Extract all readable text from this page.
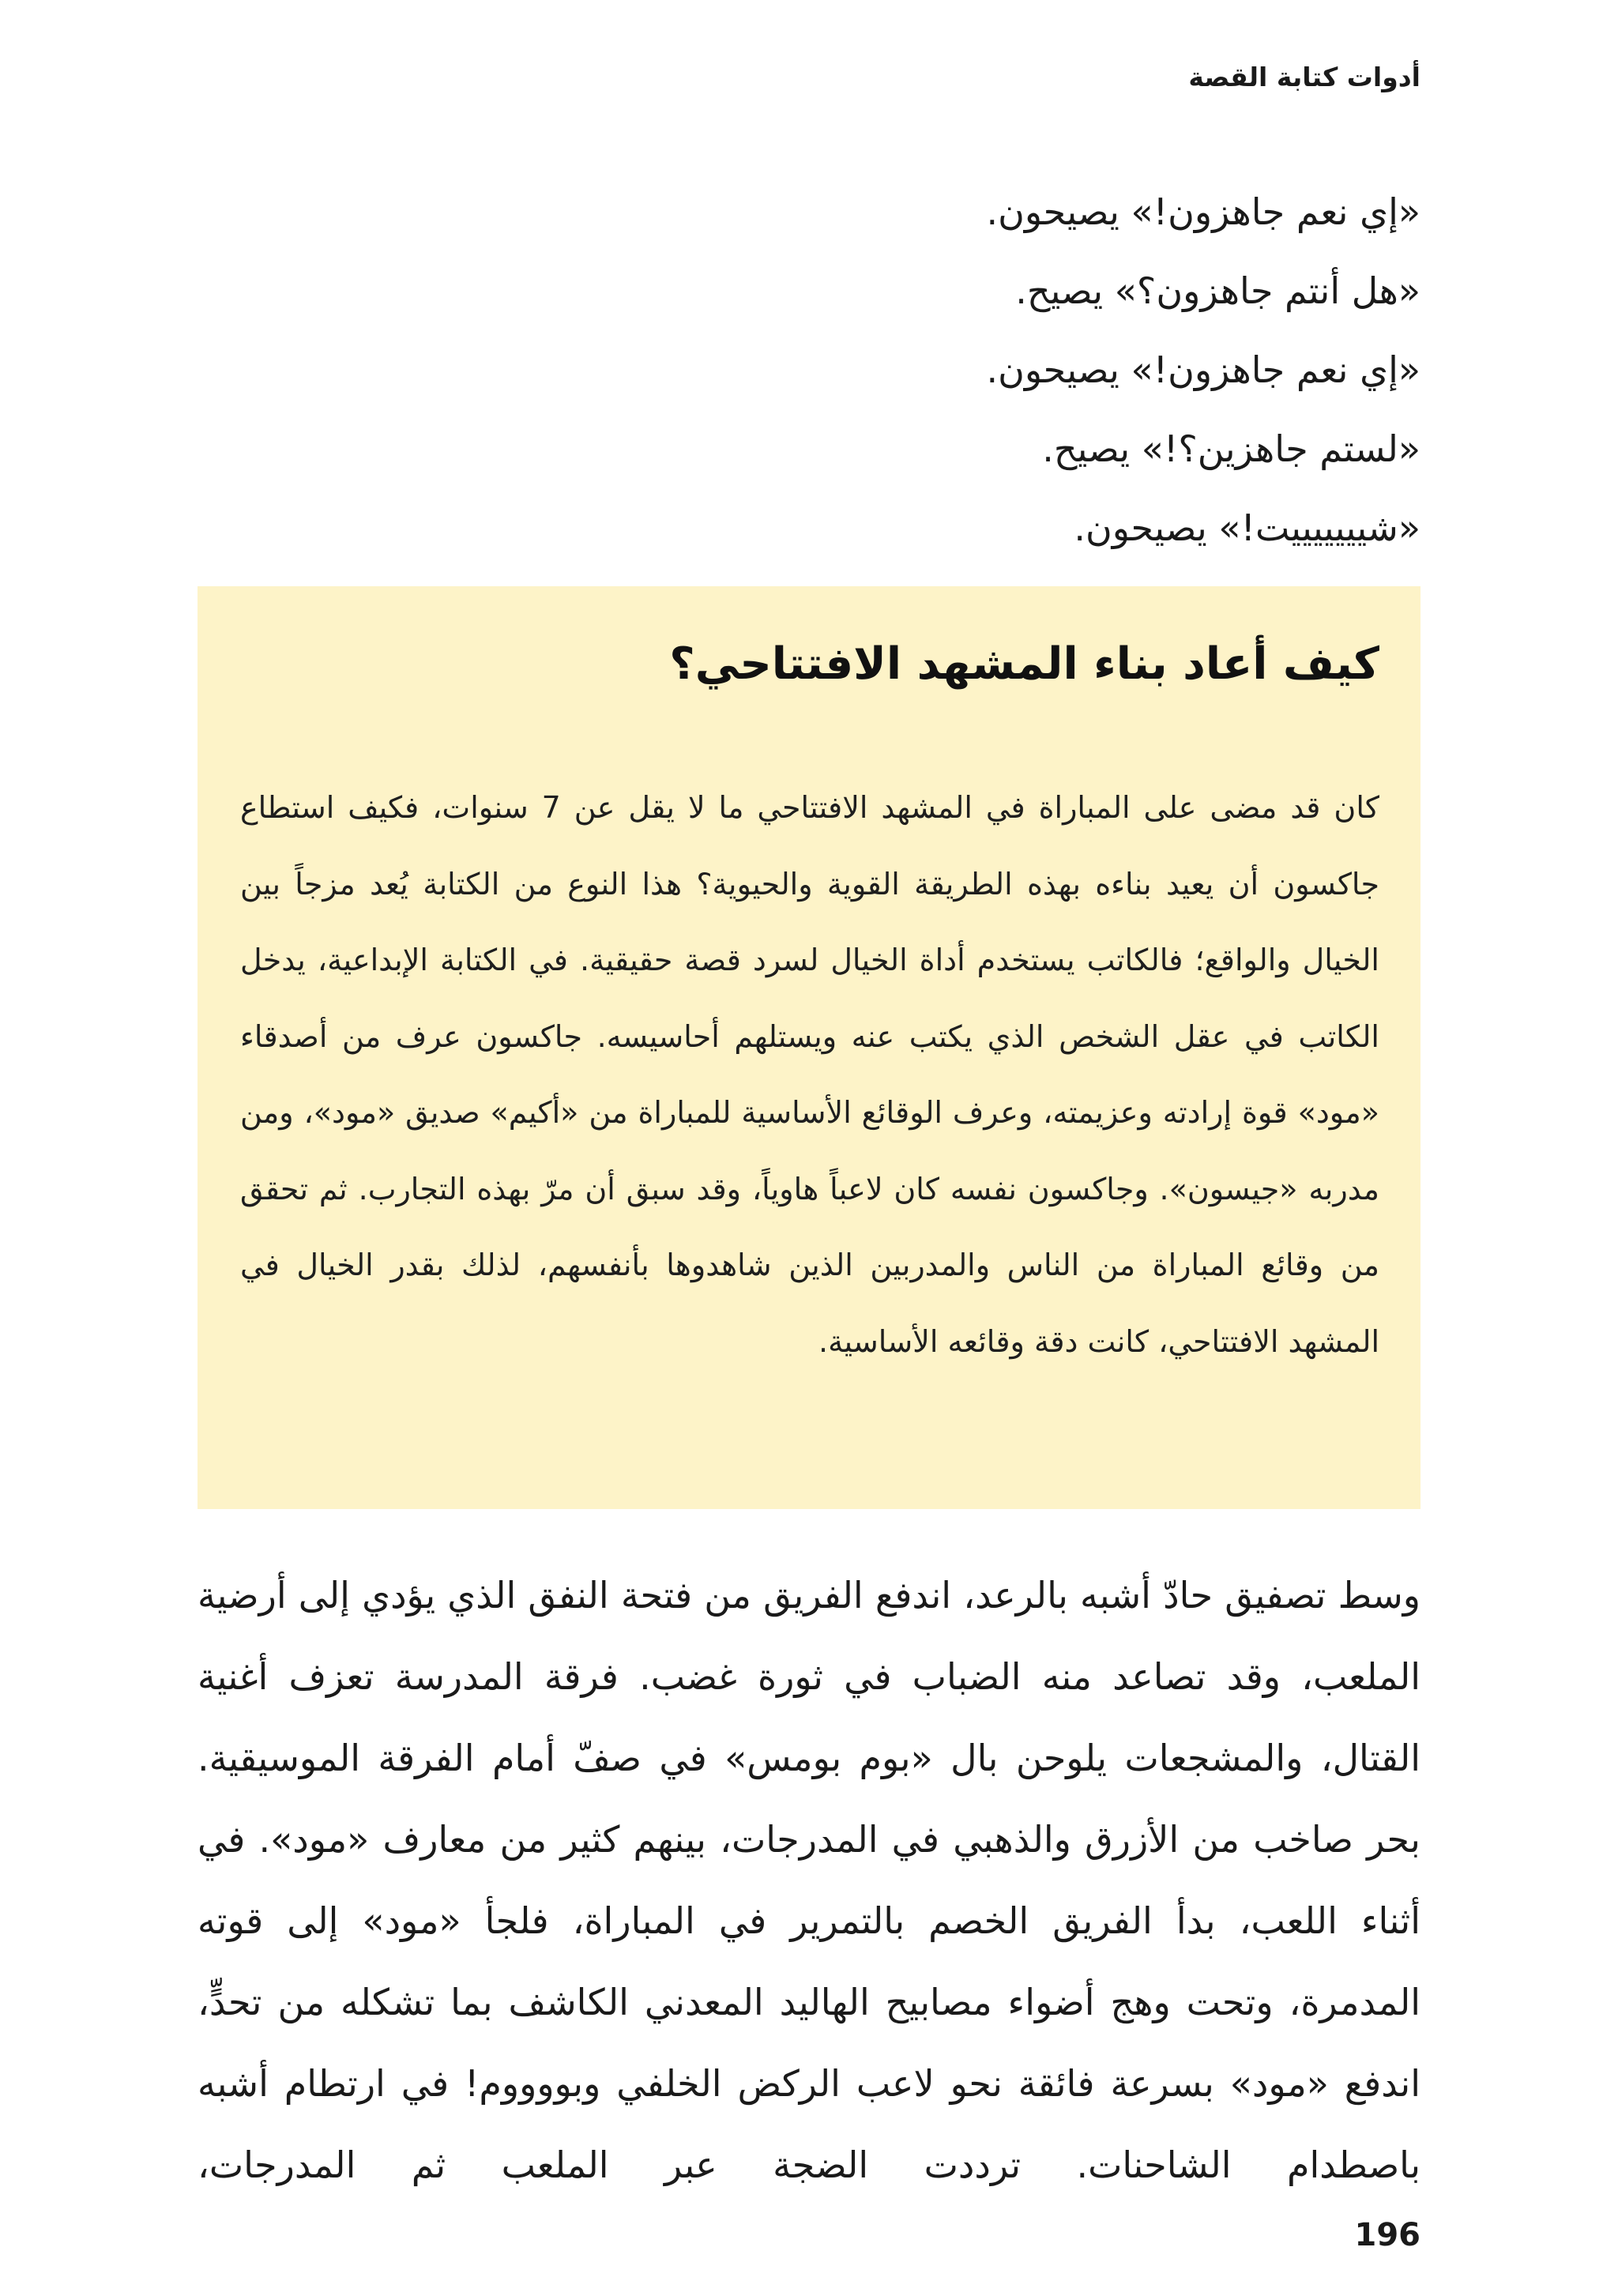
أدوات كتابة القصة
«إي نعم جاهزون!» يصيحون.
«هل أنتم جاهزون؟» يصيح.
«إي نعم جاهزون!» يصيحون.
«لستم جاهزين؟!» يصيح.
«شيييييييت!» يصيحون.
كيف أعاد بناء المشهد الافتتاحي؟

كان قد مضى على المباراة في المشهد الافتتاحي ما لا يقل عن 7 سنوات، فكيف استطاع جاكسون أن يعيد بناءه بهذه الطريقة القوية والحيوية؟ هذا النوع من الكتابة يُعد مزجاً بين الخيال والواقع؛ فالكاتب يستخدم أداة الخيال لسرد قصة حقيقية. في الكتابة الإبداعية، يدخل الكاتب في عقل الشخص الذي يكتب عنه ويستلهم أحاسيسه. جاكسون عرف من أصدقاء «مود» قوة إرادته وعزيمته، وعرف الوقائع الأساسية للمباراة من «أكيم» صديق «مود»، ومن مدربه «جيسون». وجاكسون نفسه كان لاعباً هاوياً، وقد سبق أن مرّ بهذه التجارب. ثم تحقق من وقائع المباراة من الناس والمدربين الذين شاهدوها بأنفسهم، لذلك بقدر الخيال في المشهد الافتتاحي، كانت دقة وقائعه الأساسية.

وسط تصفيق حادّ أشبه بالرعد، اندفع الفريق من فتحة النفق الذي يؤدي إلى أرضية الملعب، وقد تصاعد منه الضباب في ثورة غضب. فرقة المدرسة تعزف أغنية القتال، والمشجعات يلوحن بال «بوم بومس» في صفّ أمام الفرقة الموسيقية. بحر صاخب من الأزرق والذهبي في المدرجات، بينهم كثير من معارف «مود». في أثناء اللعب، بدأ الفريق الخصم بالتمرير في المباراة، فلجأ «مود» إلى قوته المدمرة، وتحت وهج أضواء مصابيح الهاليد المعدني الكاشف بما تشكله من تحدٍّ، اندفع «مود» بسرعة فائقة نحو لاعب الركض الخلفي وبووووم! في ارتطام أشبه باصطدام الشاحنات. ترددت الضجة عبر الملعب ثم المدرجات،

196
